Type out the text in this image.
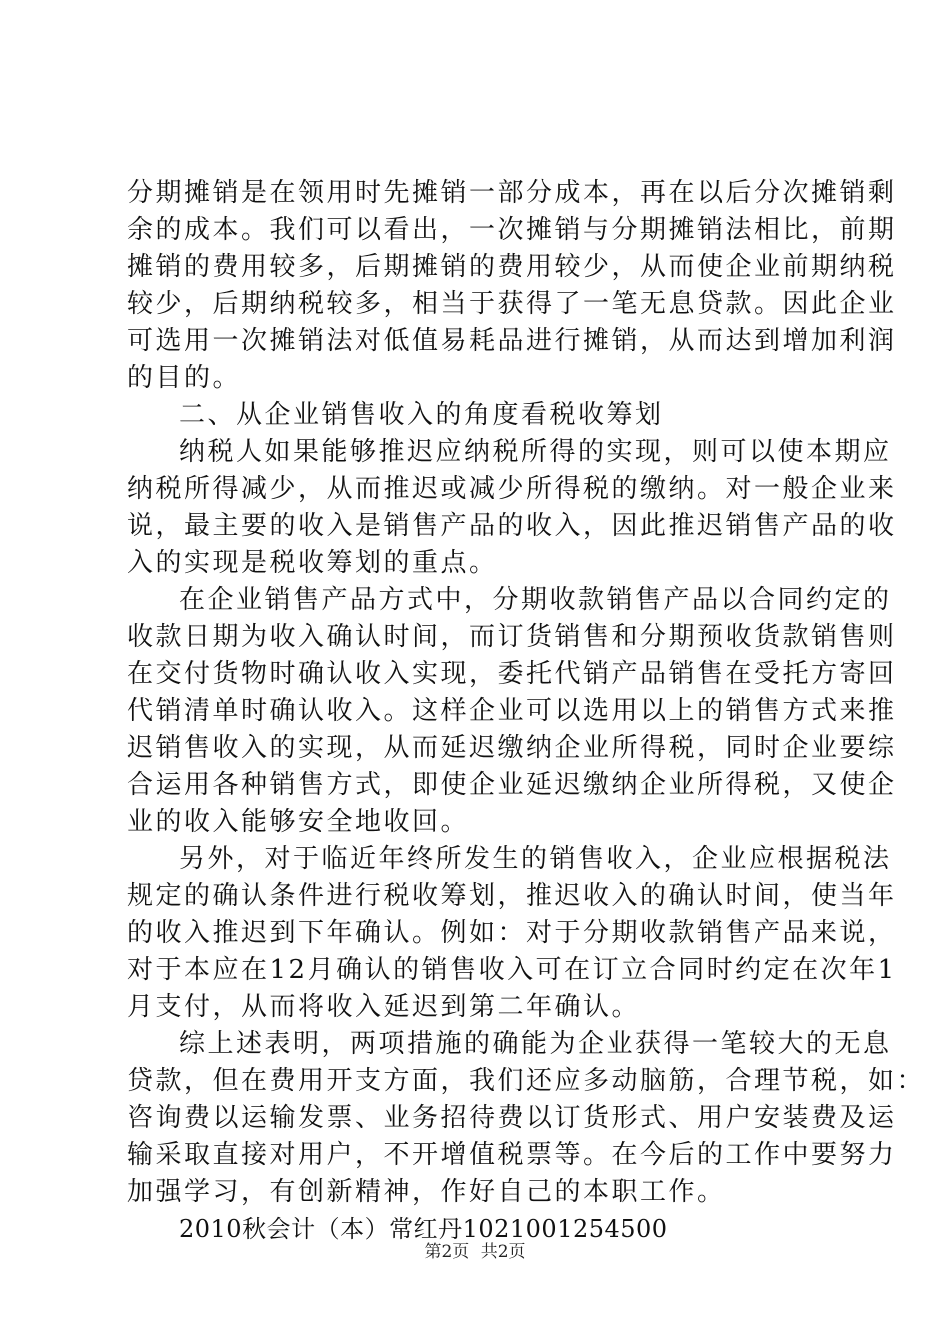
分期摊销是在领用时先摊销一部分成本，再在以后分次摊销剩
余的成本。我们可以看出，一次摊销与分期摊销法相比，前期
摊销的费用较多，后期摊销的费用较少，从而使企业前期纳税
较少，后期纳税较多，相当于获得了一笔无息贷款。因此企业
可选用一次摊销法对低值易耗品进行摊销，从而达到增加利润
的目的。
二、从企业销售收入的角度看税收筹划
纳税人如果能够推迟应纳税所得的实现，则可以使本期应
纳税所得减少，从而推迟或减少所得税的缴纳。对一般企业来
说，最主要的收入是销售产品的收入，因此推迟销售产品的收
入的实现是税收筹划的重点。
在企业销售产品方式中，分期收款销售产品以合同约定的
收款日期为收入确认时间，而订货销售和分期预收货款销售则
在交付货物时确认收入实现，委托代销产品销售在受托方寄回
代销清单时确认收入。这样企业可以选用以上的销售方式来推
迟销售收入的实现，从而延迟缴纳企业所得税，同时企业要综
合运用各种销售方式，即使企业延迟缴纳企业所得税，又使企
业的收入能够安全地收回。
另外，对于临近年终所发生的销售收入，企业应根据税法
规定的确认条件进行税收筹划，推迟收入的确认时间，使当年
的收入推迟到下年确认。例如：对于分期收款销售产品来说，
对于本应在12月确认的销售收入可在订立合同时约定在次年1
月支付，从而将收入延迟到第二年确认。
综上述表明，两项措施的确能为企业获得一笔较大的无息
贷款，但在费用开支方面，我们还应多动脑筋，合理节税，如：
咨询费以运输发票、业务招待费以订货形式、用户安装费及运
输采取直接对用户，不开增值税票等。在今后的工作中要努力
加强学习，有创新精神，作好自己的本职工作。
2010秋会计（本）常红丹1021001254500
第2页 共2页
